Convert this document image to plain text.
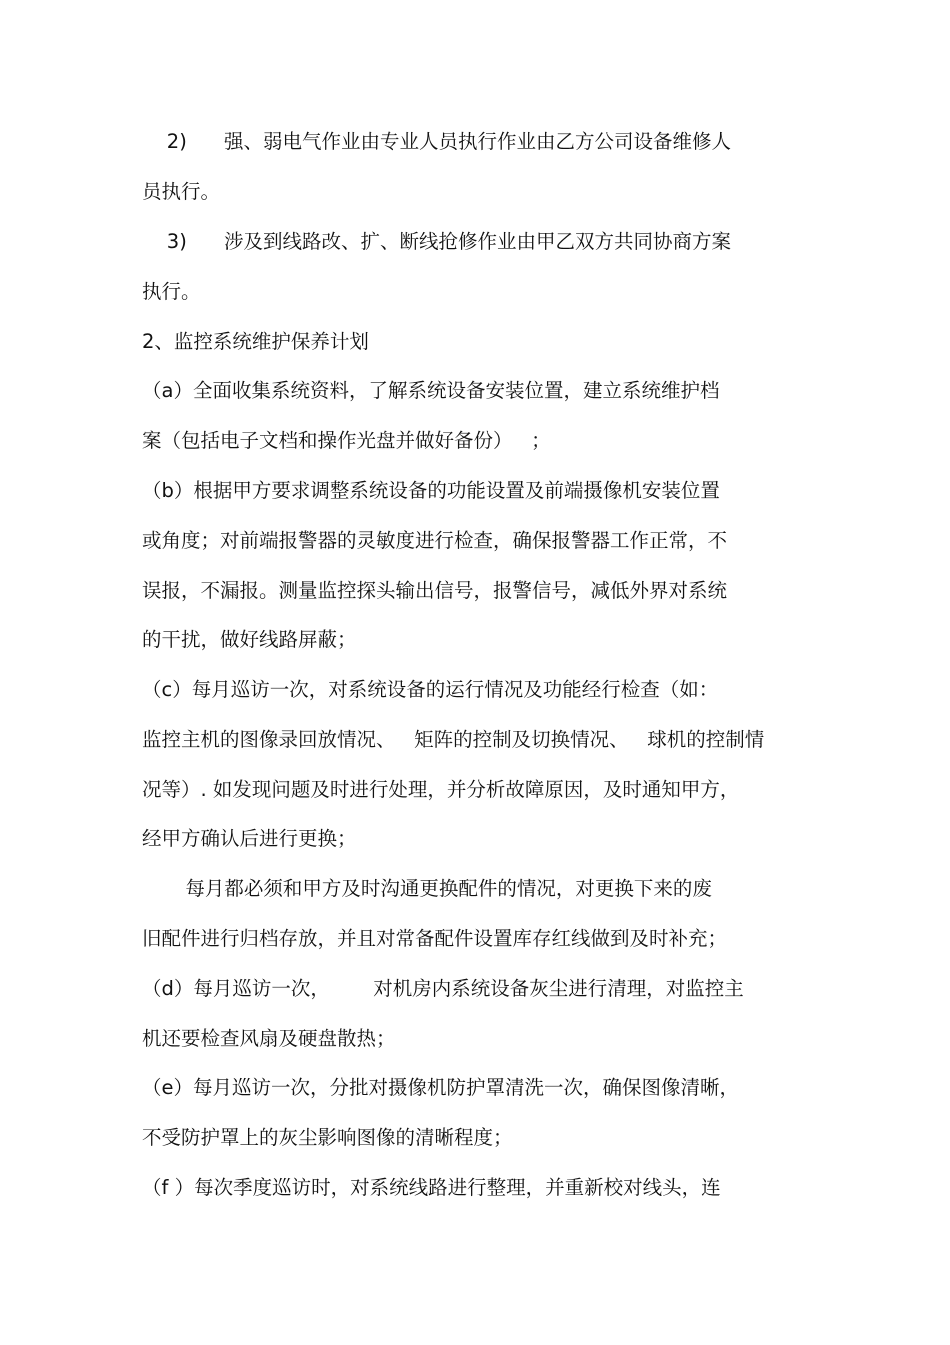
2)      强、弱电气作业由专业人员执行作业由乙方公司设备维修人
员执行。
3)      涉及到线路改、扩、断线抢修作业由甲乙双方共同协商方案
执行。
2、监控系统维护保养计划
（a）全面收集系统资料，了解系统设备安装位置，建立系统维护档
案（包括电子文档和操作光盘并做好备份）   ；
（b）根据甲方要求调整系统设备的功能设置及前端摄像机安装位置
或角度；对前端报警器的灵敏度进行检查，确保报警器工作正常，不
误报，不漏报。测量监控探头输出信号，报警信号，减低外界对系统
的干扰，做好线路屏蔽；
（c）每月巡访一次，对系统设备的运行情况及功能经行检查（如：
监控主机的图像录回放情况、   矩阵的控制及切换情况、   球机的控制情
况等）. 如发现问题及时进行处理，并分析故障原因，及时通知甲方，
经甲方确认后进行更换；
每月都必须和甲方及时沟通更换配件的情况，对更换下来的废
旧配件进行归档存放，并且对常备配件设置库存红线做到及时补充；
（d）每月巡访一次，       对机房内系统设备灰尘进行清理，对监控主
机还要检查风扇及硬盘散热；
（e）每月巡访一次，分批对摄像机防护罩清洗一次，确保图像清晰，
不受防护罩上的灰尘影响图像的清晰程度；
（f ）每次季度巡访时，对系统线路进行整理，并重新校对线头，连
